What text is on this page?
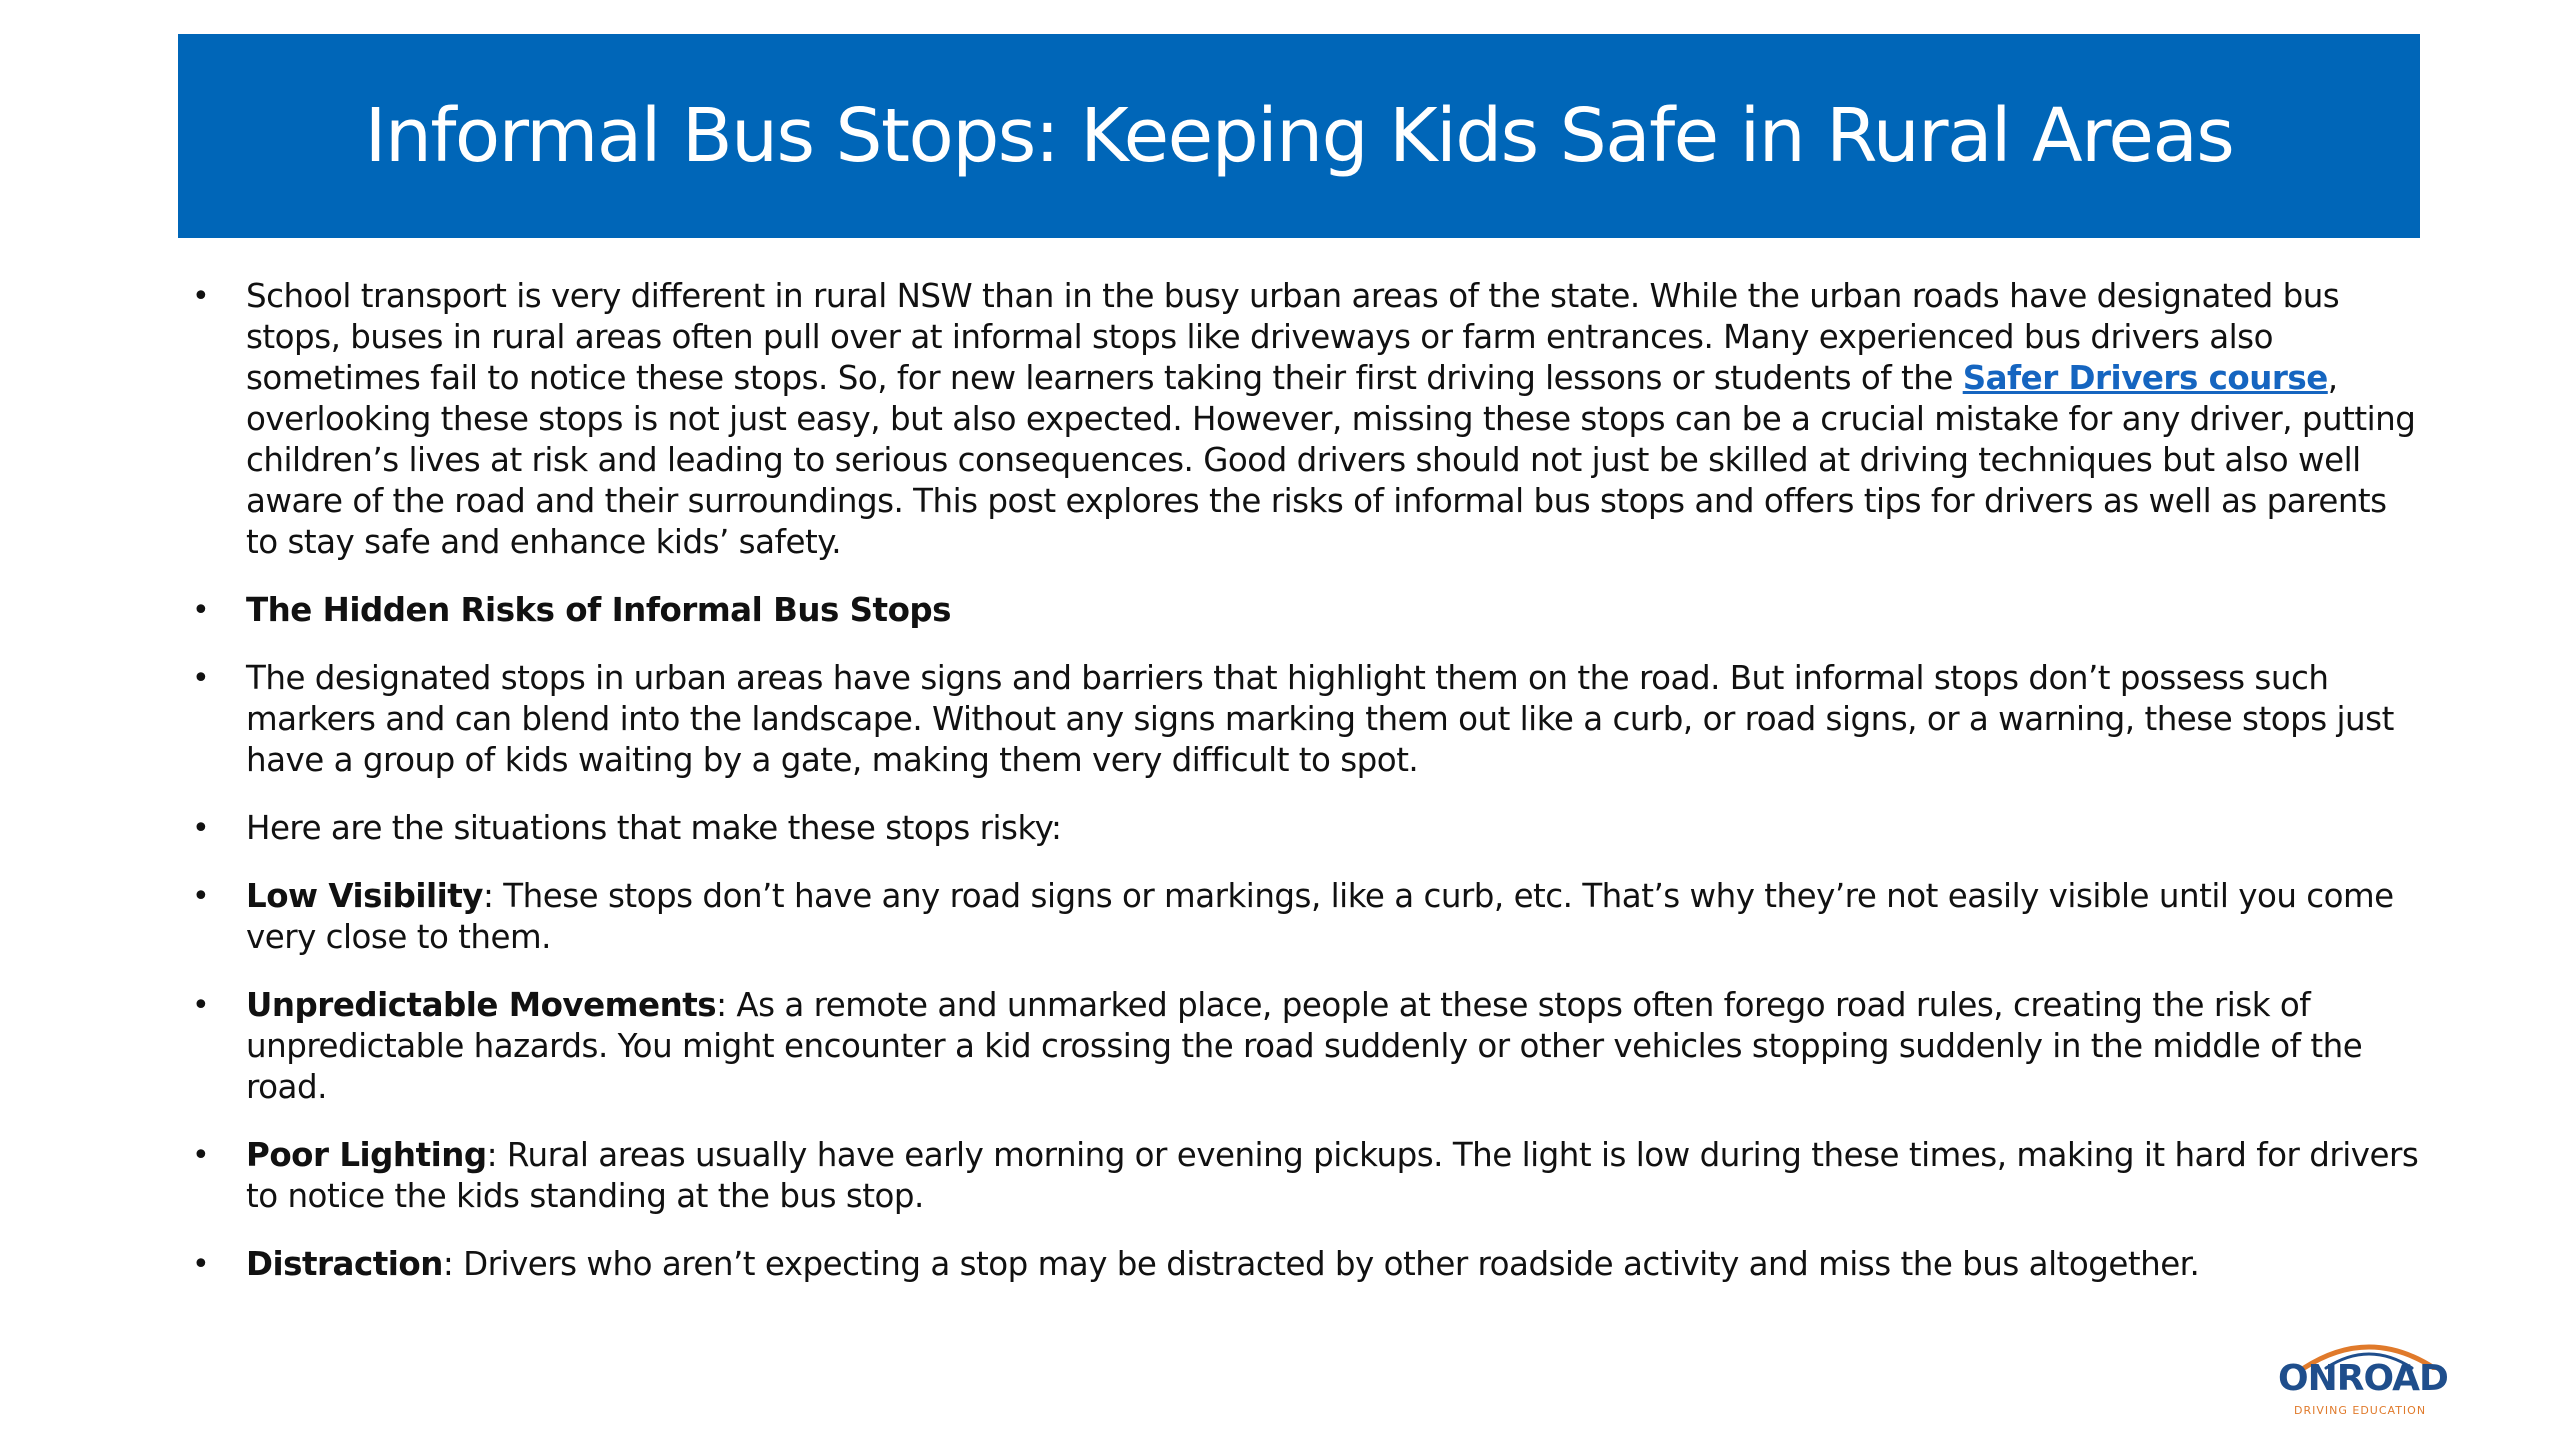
Informal Bus Stops: Keeping Kids Safe in Rural Areas
• School transport is very different in rural NSW than in the busy urban areas of the state. While the urban roads have designated bus stops, buses in rural areas often pull over at informal stops like driveways or farm entrances. Many experienced bus drivers also sometimes fail to notice these stops. So, for new learners taking their first driving lessons or students of the Safer Drivers course, overlooking these stops is not just easy, but also expected. However, missing these stops can be a crucial mistake for any driver, putting children’s lives at risk and leading to serious consequences. Good drivers should not just be skilled at driving techniques but also well aware of the road and their surroundings. This post explores the risks of informal bus stops and offers tips for drivers as well as parents to stay safe and enhance kids’ safety.
• The Hidden Risks of Informal Bus Stops
• The designated stops in urban areas have signs and barriers that highlight them on the road. But informal stops don’t possess such markers and can blend into the landscape. Without any signs marking them out like a curb, or road signs, or a warning, these stops just have a group of kids waiting by a gate, making them very difficult to spot.
• Here are the situations that make these stops risky:
• Low Visibility: These stops don’t have any road signs or markings, like a curb, etc. That’s why they’re not easily visible until you come very close to them.
• Unpredictable Movements: As a remote and unmarked place, people at these stops often forego road rules, creating the risk of unpredictable hazards. You might encounter a kid crossing the road suddenly or other vehicles stopping suddenly in the middle of the road.
• Poor Lighting: Rural areas usually have early morning or evening pickups. The light is low during these times, making it hard for drivers to notice the kids standing at the bus stop.
• Distraction: Drivers who aren’t expecting a stop may be distracted by other roadside activity and miss the bus altogether.
ONROAD
DRIVING EDUCATION
